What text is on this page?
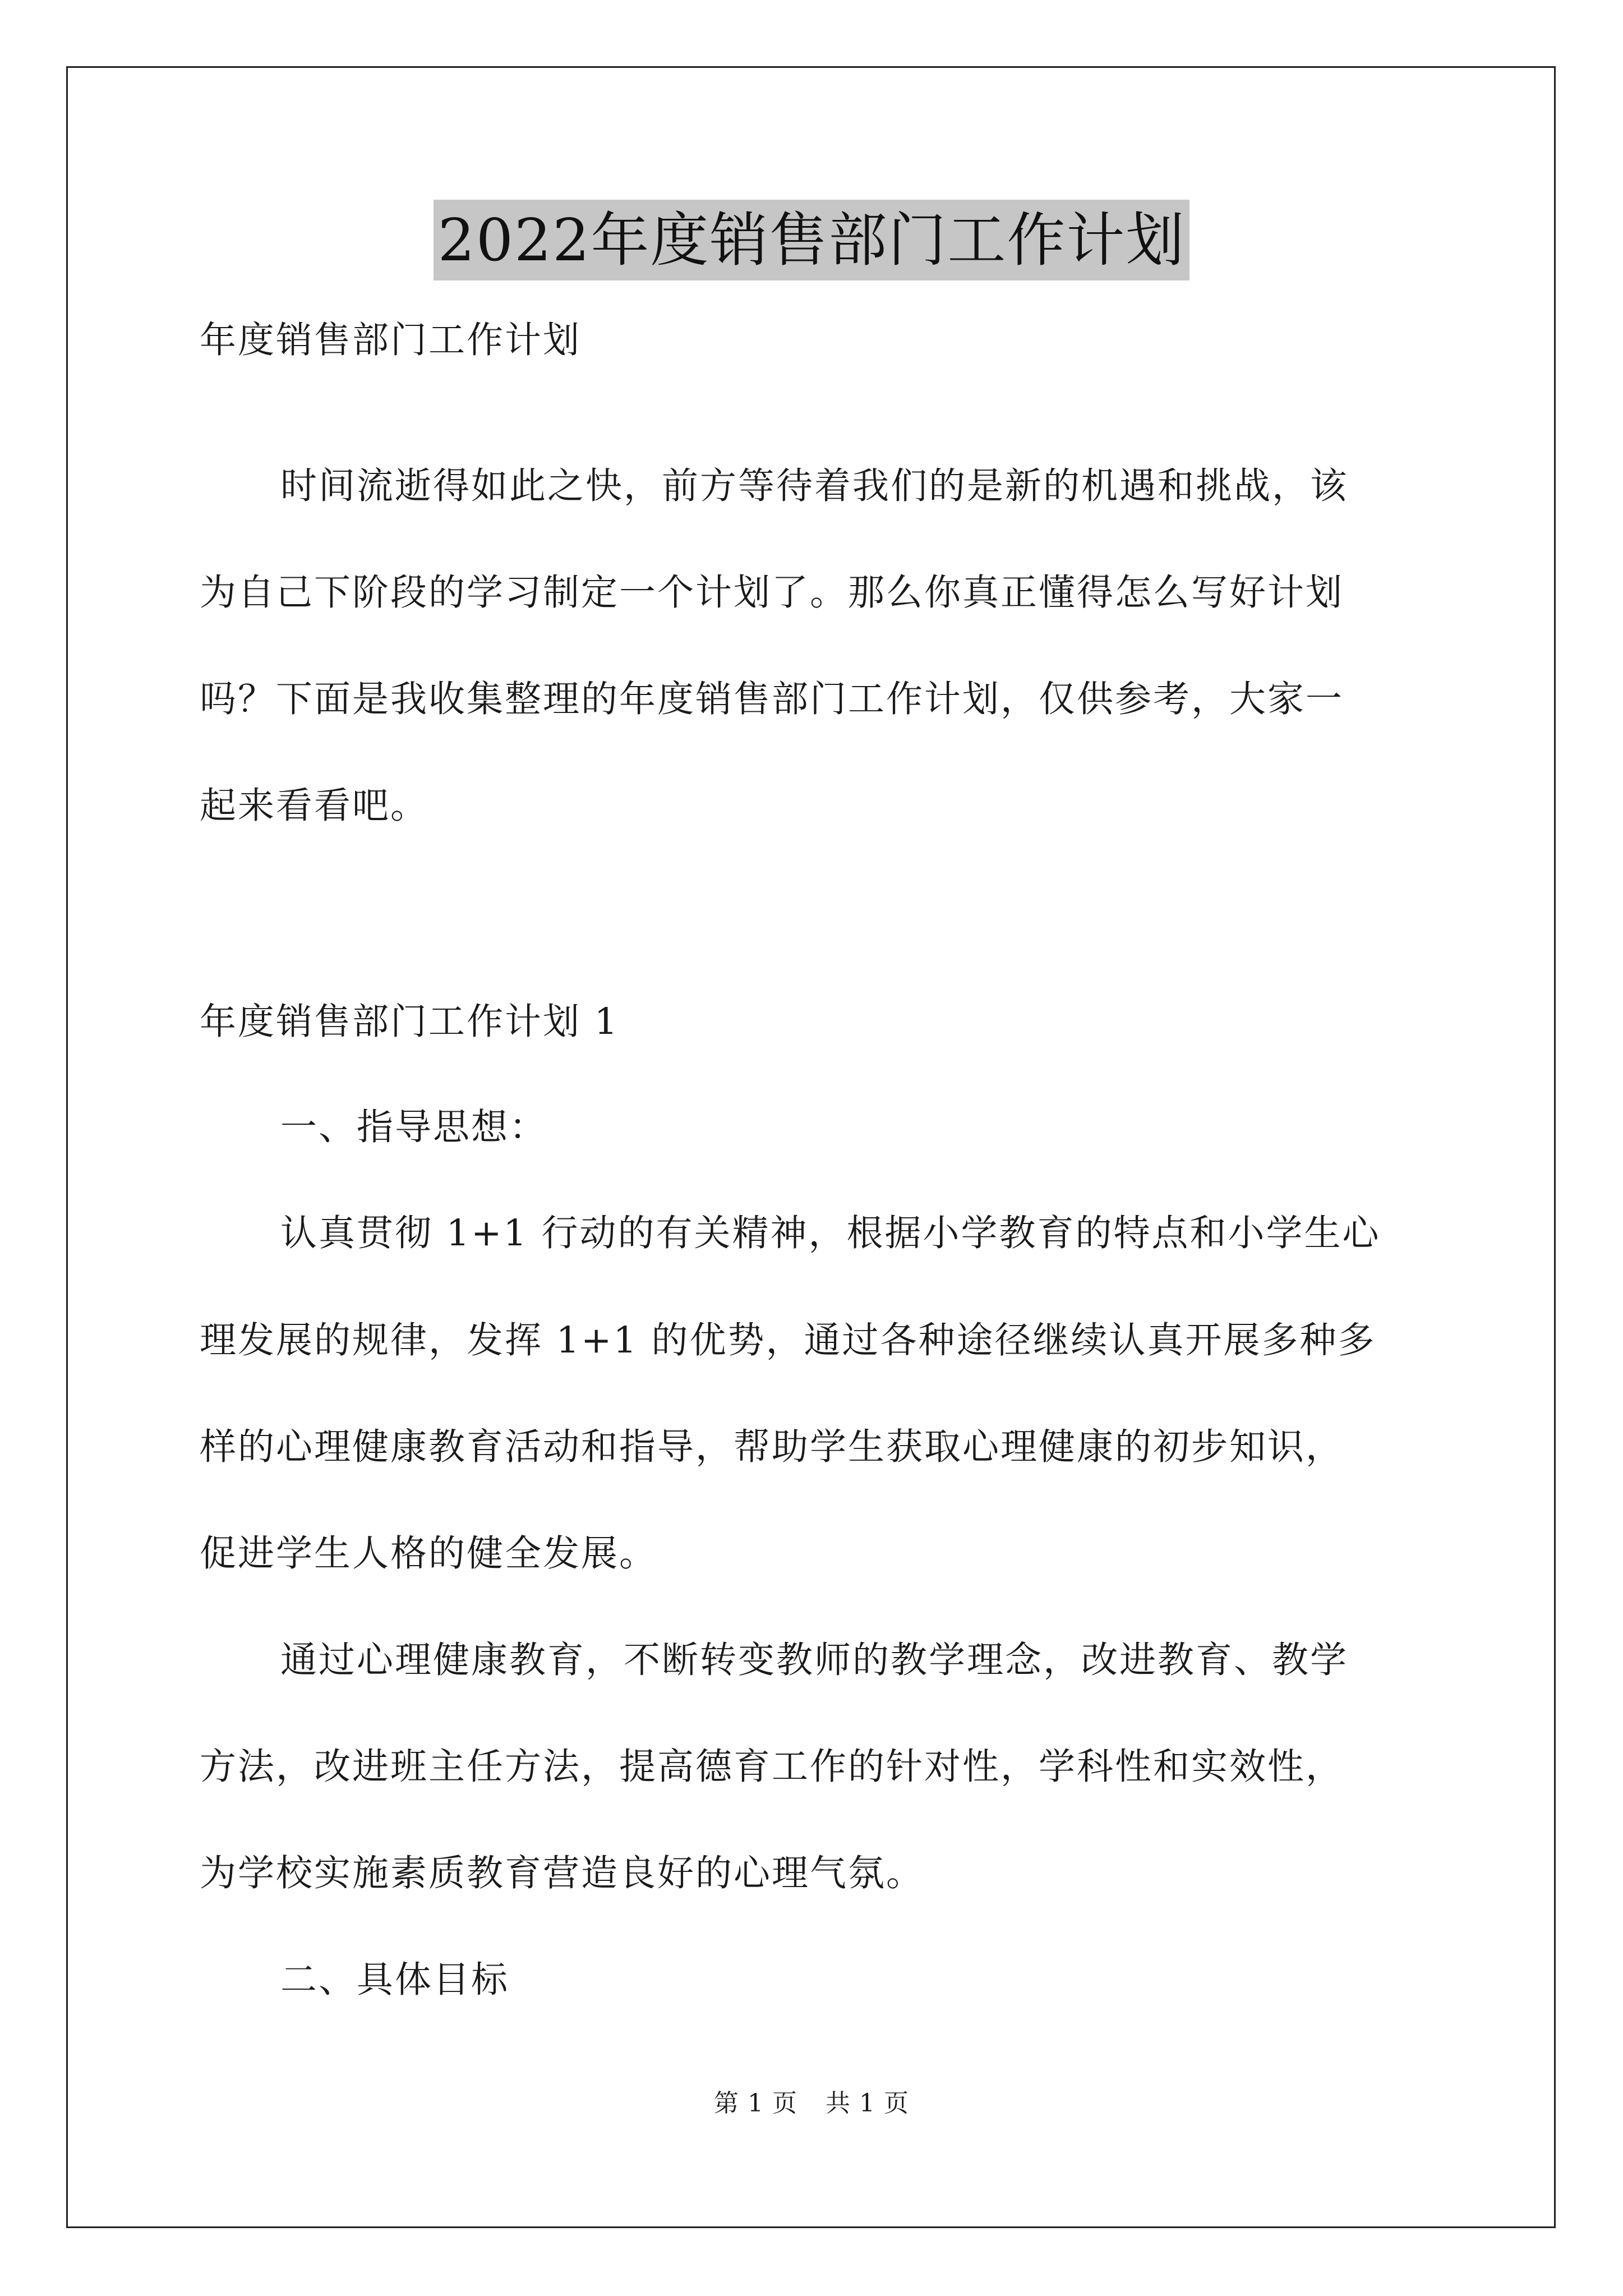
2022年度销售部门工作计划
年度销售部门工作计划
时间流逝得如此之快，前方等待着我们的是新的机遇和挑战，该
为自己下阶段的学习制定一个计划了。那么你真正懂得怎么写好计划
吗？下面是我收集整理的年度销售部门工作计划，仅供参考，大家一
起来看看吧。
年度销售部门工作计划 1
一、指导思想：
认真贯彻 1+1 行动的有关精神，根据小学教育的特点和小学生心
理发展的规律，发挥 1+1 的优势，通过各种途径继续认真开展多种多
样的心理健康教育活动和指导，帮助学生获取心理健康的初步知识，
促进学生人格的健全发展。
通过心理健康教育，不断转变教师的教学理念，改进教育、教学
方法，改进班主任方法，提高德育工作的针对性，学科性和实效性，
为学校实施素质教育营造良好的心理气氛。
二、具体目标
第 1 页 共 1 页
